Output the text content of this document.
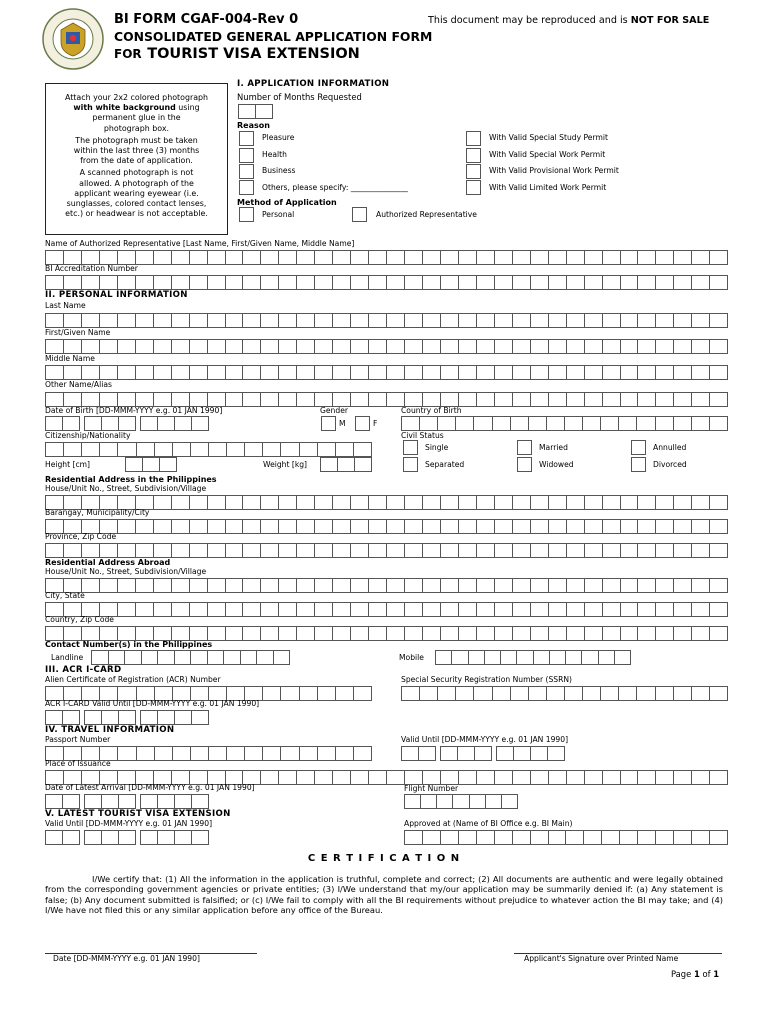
BI FORM CGAF-004-Rev 0	This document may be reproduced and is NOT FOR SALE
CONSOLIDATED GENERAL APPLICATION FORM
FOR TOURIST VISA EXTENSION
Attach your 2x2 colored photograph
with white background using
permanent glue in the
photograph box.
The photograph must be taken
within the last three (3) months
from the date of application.
A scanned photograph is not
allowed. A photograph of the
applicant wearing eyewear (i.e.
sunglasses, colored contact lenses,
etc.) or headwear is not acceptable.
I. APPLICATION INFORMATION
Number of Months Requested
Reason
Pleasure
Health
Business
Others, please specify: _______________
With Valid Special Study Permit
With Valid Special Work Permit
With Valid Provisional Work Permit
With Valid Limited Work Permit
Method of Application
Personal	Authorized Representative
Name of Authorized Representative [Last Name, First/Given Name, Middle Name]
BI Accreditation Number
II. PERSONAL INFORMATION
Last Name
First/Given Name
Middle Name
Other Name/Alias
Date of Birth [DD-MMM-YYYY e.g. 01 JAN 1990]	Gender
M	F
Country of Birth
Citizenship/Nationality	Civil Status
Single	Married	Annulled
Separated	Widowed	Divorced
Height [cm]	Weight [kg]
Residential Address in the Philippines
House/Unit No., Street, Subdivision/Village
Barangay, Municipality/City
Province, Zip Code
Residential Address Abroad
House/Unit No., Street, Subdivision/Village
City, State
Country, Zip Code
Contact Number(s) in the Philippines
Landline	Mobile
III. ACR I-CARD
Alien Certificate of Registration (ACR) Number	Special Security Registration Number (SSRN)
ACR I-CARD Valid Until [DD-MMM-YYYY e.g. 01 JAN 1990]
IV. TRAVEL INFORMATION
Passport Number	Valid Until [DD-MMM-YYYY e.g. 01 JAN 1990]
Place of Issuance
Date of Latest Arrival [DD-MMM-YYYY e.g. 01 JAN 1990]	Flight Number
V. LATEST TOURIST VISA EXTENSION
Valid Until [DD-MMM-YYYY e.g. 01 JAN 1990]	Approved at (Name of BI Office e.g. BI Main)
C E R T I F I C A T I O N
I/We certify that: (1) All the information in the application is truthful, complete and correct; (2) All documents are authentic and were legally obtained from the corresponding government agencies or private entities; (3) I/We understand that my/our application may be summarily denied if: (a) Any statement is false; (b) Any document submitted is falsified; or (c) I/We fail to comply with all the BI requirements without prejudice to whatever action the BI may take; and (4) I/We have not filed this or any similar application before any office of the Bureau.
Date [DD-MMM-YYYY e.g. 01 JAN 1990]	Applicant's Signature over Printed Name
Page 1 of 1
